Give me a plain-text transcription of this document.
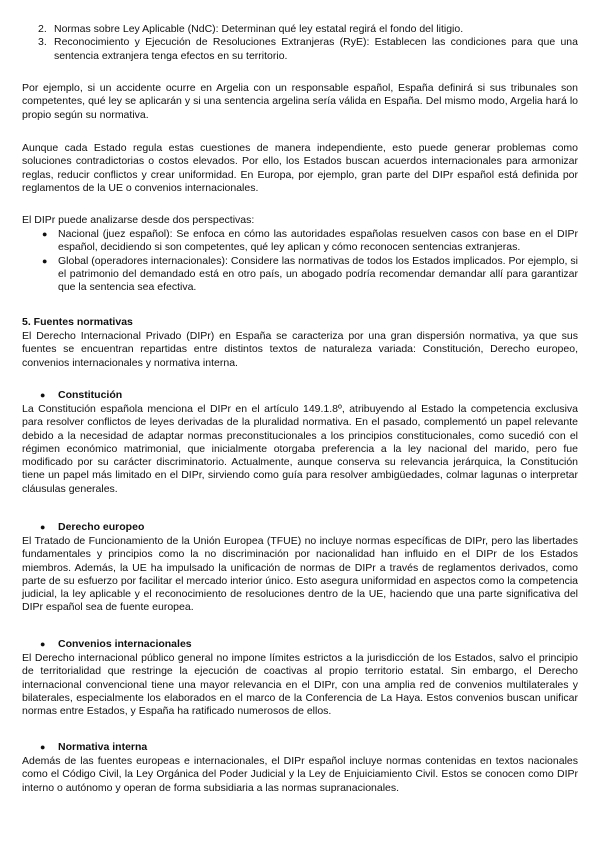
2. Normas sobre Ley Aplicable (NdC): Determinan qué ley estatal regirá el fondo del litigio.
3. Reconocimiento y Ejecución de Resoluciones Extranjeras (RyE): Establecen las condiciones para que una sentencia extranjera tenga efectos en su territorio.

Por ejemplo, si un accidente ocurre en Argelia con un responsable español, España definirá si sus tribunales son competentes, qué ley se aplicarán y si una sentencia argelina sería válida en España. Del mismo modo, Argelia hará lo propio según su normativa.

Aunque cada Estado regula estas cuestiones de manera independiente, esto puede generar problemas como soluciones contradictorias o costos elevados. Por ello, los Estados buscan acuerdos internacionales para armonizar reglas, reducir conflictos y crear uniformidad. En Europa, por ejemplo, gran parte del DIPr español está definida por reglamentos de la UE o convenios internacionales.

El DIPr puede analizarse desde dos perspectivas:

● Nacional (juez español): Se enfoca en cómo las autoridades españolas resuelven casos con base en el DIPr español, decidiendo si son competentes, qué ley aplican y cómo reconocen sentencias extranjeras.
● Global (operadores internacionales): Considere las normativas de todos los Estados implicados. Por ejemplo, si el patrimonio del demandado está en otro país, un abogado podría recomendar demandar allí para garantizar que la sentencia sea efectiva.

5. Fuentes normativas

El Derecho Internacional Privado (DIPr) en España se caracteriza por una gran dispersión normativa, ya que sus fuentes se encuentran repartidas entre distintos textos de naturaleza variada: Constitución, Derecho europeo, convenios internacionales y normativa interna.

● Constitución

La Constitución española menciona el DIPr en el artículo 149.1.8º, atribuyendo al Estado la competencia exclusiva para resolver conflictos de leyes derivadas de la pluralidad normativa. En el pasado, complementó un papel relevante debido a la necesidad de adaptar normas preconstitucionales a los principios constitucionales, como sucedió con el régimen económico matrimonial, que inicialmente otorgaba preferencia a la ley nacional del marido, pero fue modificado por su carácter discriminatorio. Actualmente, aunque conserva su relevancia jerárquica, la Constitución tiene un papel más limitado en el DIPr, sirviendo como guía para resolver ambigüedades, colmar lagunas o interpretar cláusulas generales.

● Derecho europeo

El Tratado de Funcionamiento de la Unión Europea (TFUE) no incluye normas específicas de DIPr, pero las libertades fundamentales y principios como la no discriminación por nacionalidad han influido en el DIPr de los Estados miembros. Además, la UE ha impulsado la unificación de normas de DIPr a través de reglamentos derivados, como parte de su esfuerzo por facilitar el mercado interior único. Esto asegura uniformidad en aspectos como la competencia judicial, la ley aplicable y el reconocimiento de resoluciones dentro de la UE, haciendo que una parte significativa del DIPr español sea de fuente europea.

● Convenios internacionales

El Derecho internacional público general no impone límites estrictos a la jurisdicción de los Estados, salvo el principio de territorialidad que restringe la ejecución de coactivas al propio territorio estatal. Sin embargo, el Derecho internacional convencional tiene una mayor relevancia en el DIPr, con una amplia red de convenios multilaterales y bilaterales, especialmente los elaborados en el marco de la Conferencia de La Haya. Estos convenios buscan unificar normas entre Estados, y España ha ratificado numerosos de ellos.

● Normativa interna

Además de las fuentes europeas e internacionales, el DIPr español incluye normas contenidas en textos nacionales como el Código Civil, la Ley Orgánica del Poder Judicial y la Ley de Enjuiciamiento Civil. Estos se conocen como DIPr interno o autónomo y operan de forma subsidiaria a las normas supranacionales.
